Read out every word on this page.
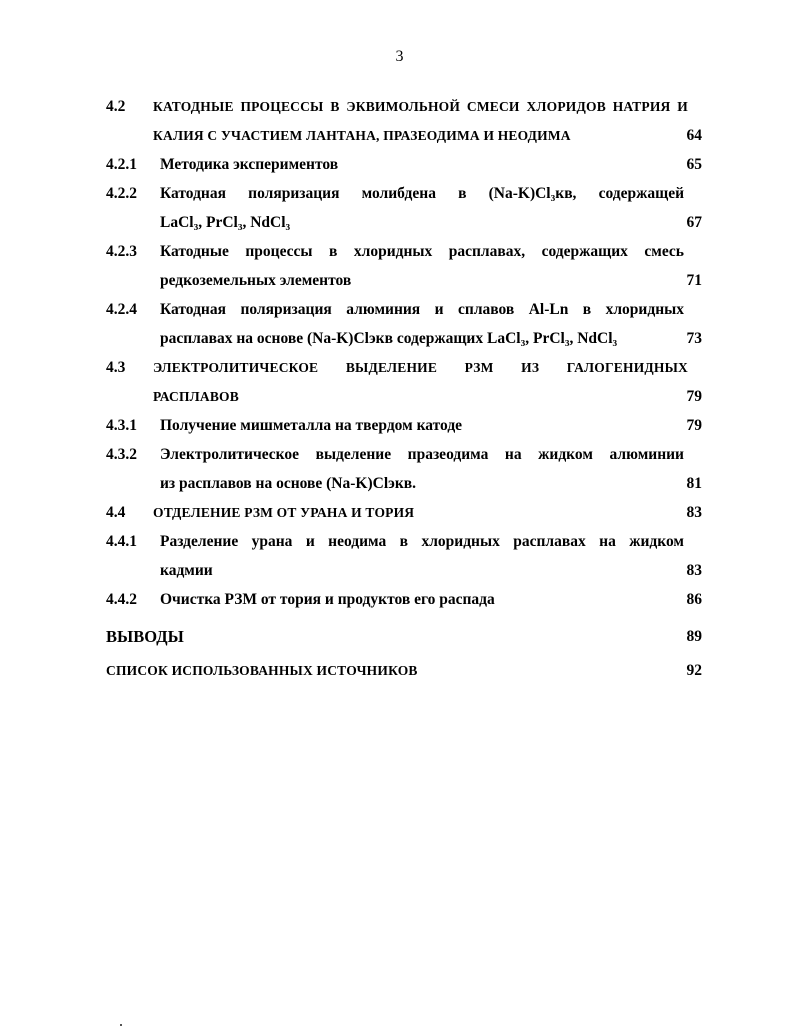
3
4.2 КАТОДНЫЕ ПРОЦЕССЫ В ЭКВИМОЛЬНОЙ СМЕСИ ХЛОРИДОВ НАТРИЯ И
КАЛИЯ С УЧАСТИЕМ ЛАНТАНА, ПРАЗЕОДИМА И НЕОДИМА	64
4.2.1 Методика экспериментов	65
4.2.2 Катодная поляризация молибдена в (Na-K)Cl₃кв, содержащей
LaCl₃, PrCl₃, NdCl₃	67
4.2.3 Катодные процессы в хлоридных расплавах, содержащих смесь
редкоземельных элементов	71
4.2.4 Катодная поляризация алюминия и сплавов Al-Ln в хлоридных
расплавах на основе (Na-K)Clэкв содержащих LaCl₃, PrCl₃, NdCl₃	73
4.3 ЭЛЕКТРОЛИТИЧЕСКОЕ ВЫДЕЛЕНИЕ РЗМ ИЗ ГАЛОГЕНИДНЫХ
РАСПЛАВОВ	79
4.3.1 Получение мишметалла на твердом катоде	79
4.3.2 Электролитическое выделение празеодима на жидком алюминии
из расплавов на основе (Na-K)Clэкв.	81
4.4 ОТДЕЛЕНИЕ РЗМ ОТ УРАНА И ТОРИЯ	83
4.4.1 Разделение урана и неодима в хлоридных расплавах на жидком
кадмии	83
4.4.2 Очистка РЗМ от тория и продуктов его распада	86
ВЫВОДЫ	89
СПИСОК ИСПОЛЬЗОВАННЫХ ИСТОЧНИКОВ	92
